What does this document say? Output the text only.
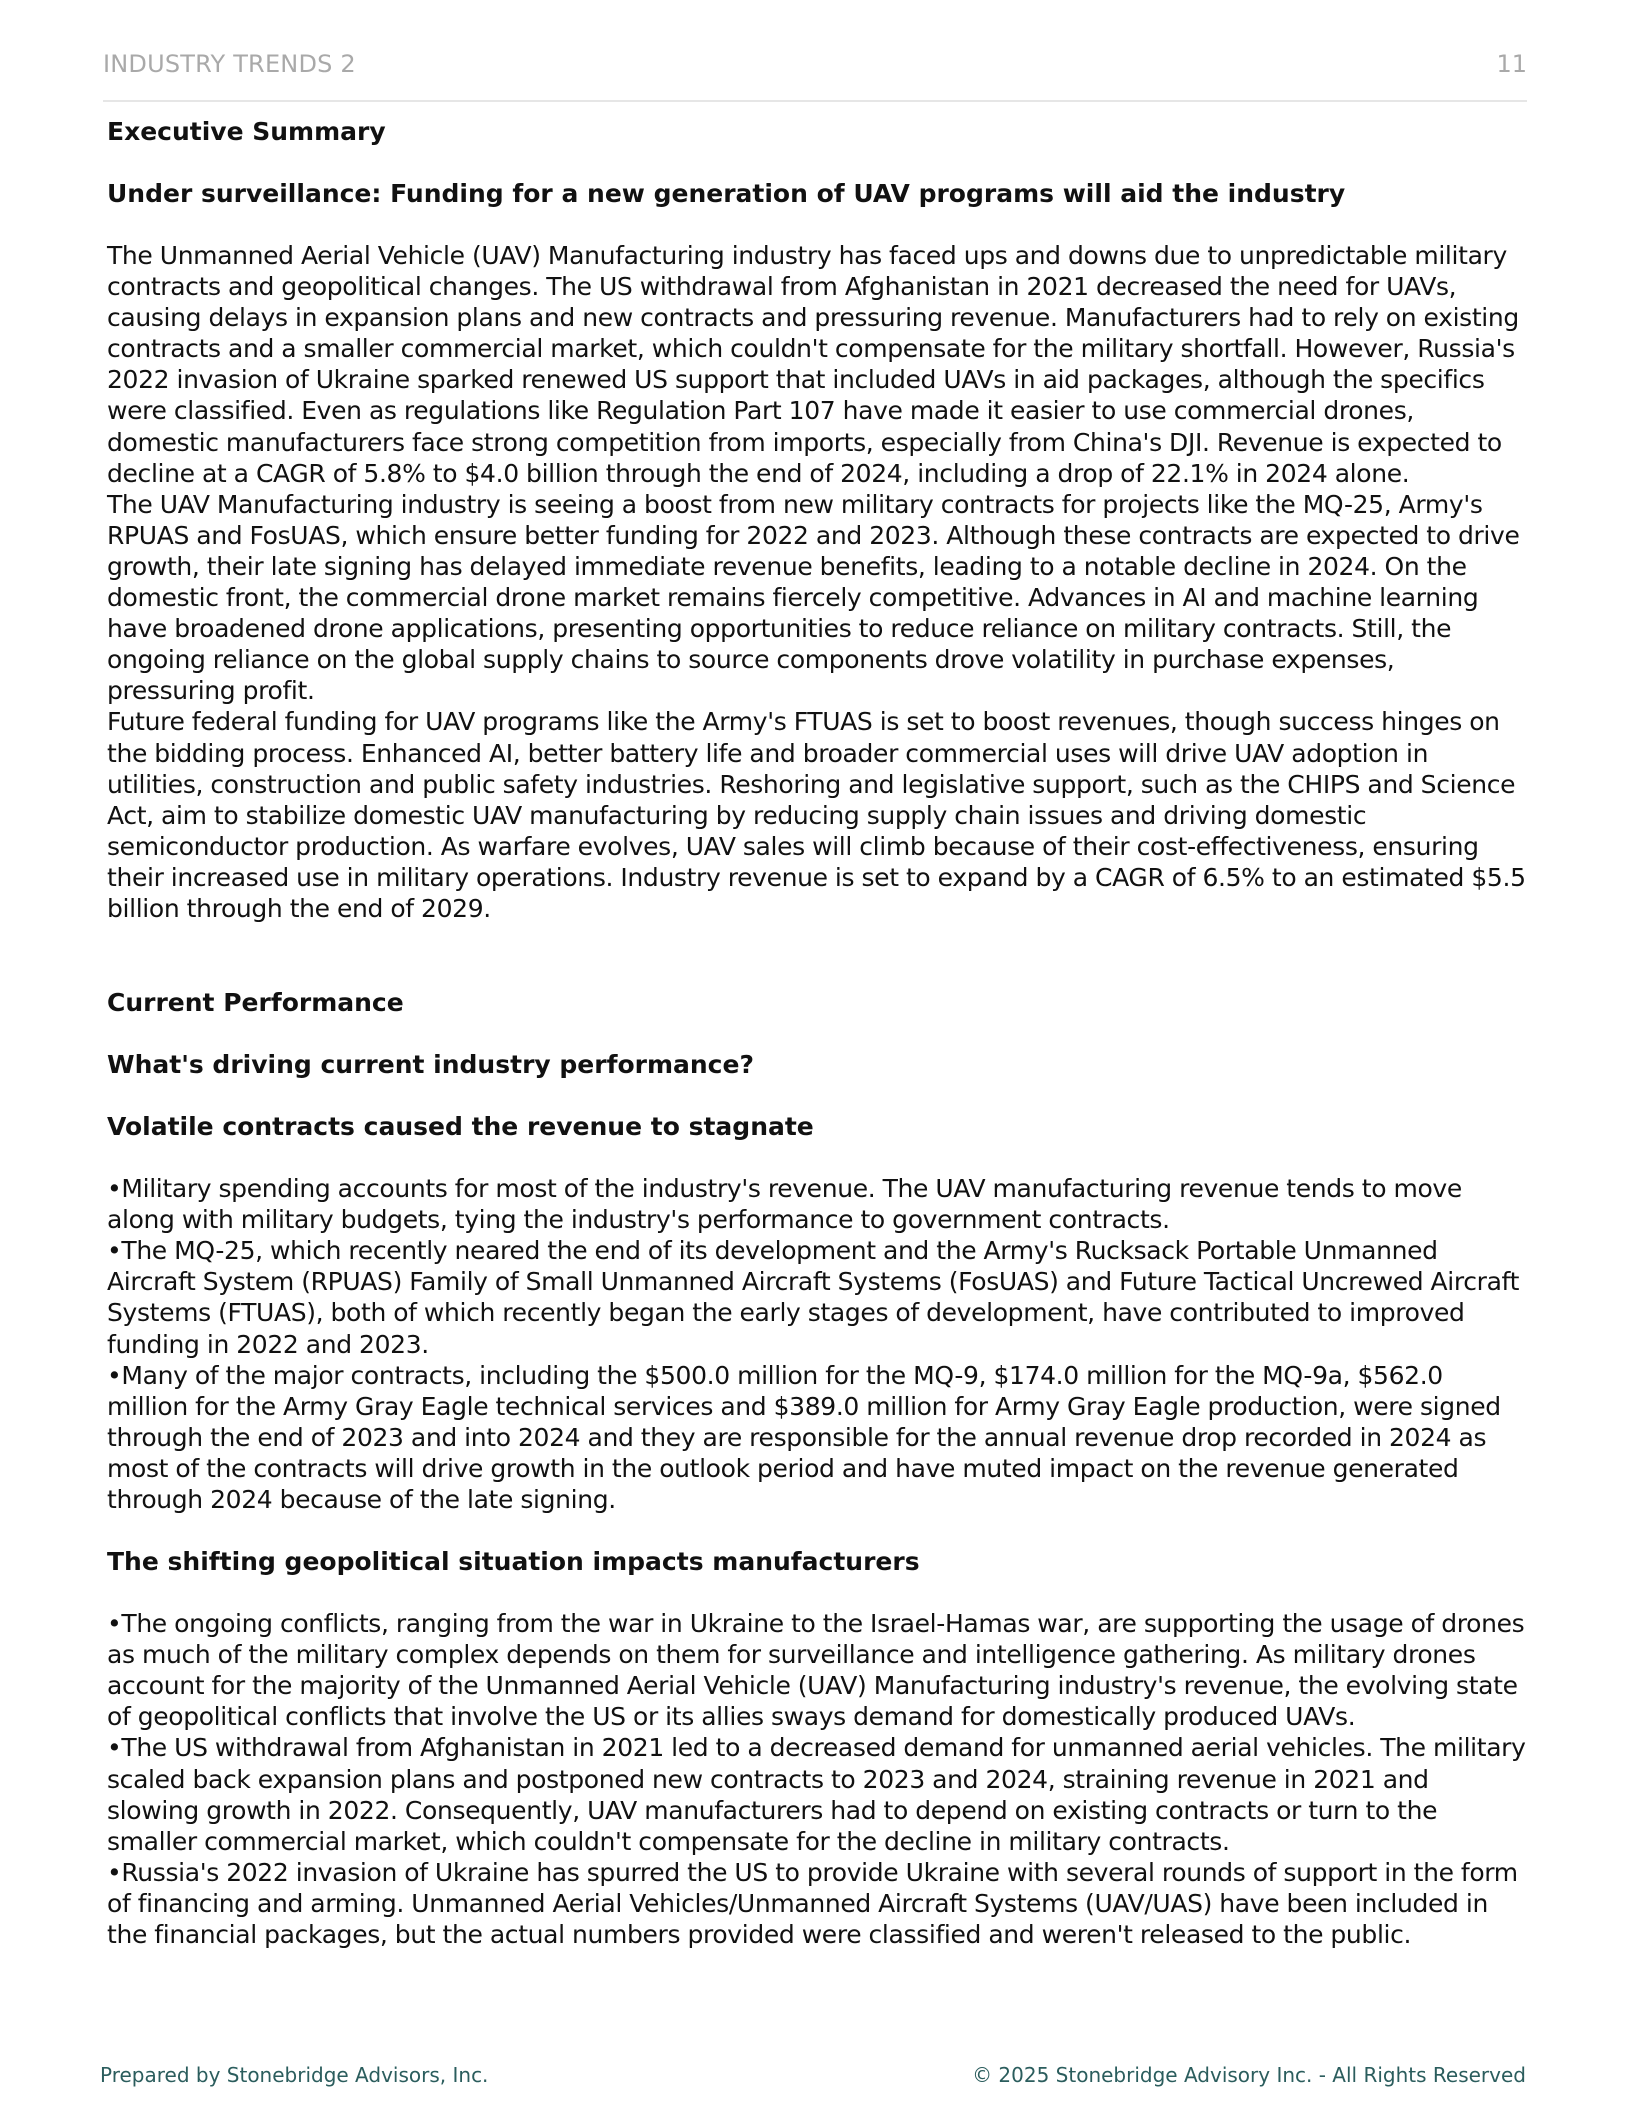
INDUSTRY TRENDS 2	11
Executive Summary
Under surveillance: Funding for a new generation of UAV programs will aid the industry

The Unmanned Aerial Vehicle (UAV) Manufacturing industry has faced ups and downs due to unpredictable military contracts and geopolitical changes. The US withdrawal from Afghanistan in 2021 decreased the need for UAVs, causing delays in expansion plans and new contracts and pressuring revenue. Manufacturers had to rely on existing contracts and a smaller commercial market, which couldn't compensate for the military shortfall. However, Russia's 2022 invasion of Ukraine sparked renewed US support that included UAVs in aid packages, although the specifics were classified. Even as regulations like Regulation Part 107 have made it easier to use commercial drones, domestic manufacturers face strong competition from imports, especially from China's DJI. Revenue is expected to decline at a CAGR of 5.8% to $4.0 billion through the end of 2024, including a drop of 22.1% in 2024 alone.

The UAV Manufacturing industry is seeing a boost from new military contracts for projects like the MQ-25, Army's RPUAS and FosUAS, which ensure better funding for 2022 and 2023. Although these contracts are expected to drive growth, their late signing has delayed immediate revenue benefits, leading to a notable decline in 2024. On the domestic front, the commercial drone market remains fiercely competitive. Advances in AI and machine learning have broadened drone applications, presenting opportunities to reduce reliance on military contracts. Still, the ongoing reliance on the global supply chains to source components drove volatility in purchase expenses, pressuring profit.

Future federal funding for UAV programs like the Army's FTUAS is set to boost revenues, though success hinges on the bidding process. Enhanced AI, better battery life and broader commercial uses will drive UAV adoption in utilities, construction and public safety industries. Reshoring and legislative support, such as the CHIPS and Science Act, aim to stabilize domestic UAV manufacturing by reducing supply chain issues and driving domestic semiconductor production. As warfare evolves, UAV sales will climb because of their cost-effectiveness, ensuring their increased use in military operations. Industry revenue is set to expand by a CAGR of 6.5% to an estimated $5.5 billion through the end of 2029.

Current Performance
What's driving current industry performance?
Volatile contracts caused the revenue to stagnate

•Military spending accounts for most of the industry's revenue. The UAV manufacturing revenue tends to move along with military budgets, tying the industry's performance to government contracts.

•The MQ-25, which recently neared the end of its development and the Army's Rucksack Portable Unmanned Aircraft System (RPUAS) Family of Small Unmanned Aircraft Systems (FosUAS) and Future Tactical Uncrewed Aircraft Systems (FTUAS), both of which recently began the early stages of development, have contributed to improved funding in 2022 and 2023.

•Many of the major contracts, including the $500.0 million for the MQ-9, $174.0 million for the MQ-9a, $562.0 million for the Army Gray Eagle technical services and $389.0 million for Army Gray Eagle production, were signed through the end of 2023 and into 2024 and they are responsible for the annual revenue drop recorded in 2024 as most of the contracts will drive growth in the outlook period and have muted impact on the revenue generated through 2024 because of the late signing.

The shifting geopolitical situation impacts manufacturers

•The ongoing conflicts, ranging from the war in Ukraine to the Israel-Hamas war, are supporting the usage of drones as much of the military complex depends on them for surveillance and intelligence gathering. As military drones account for the majority of the Unmanned Aerial Vehicle (UAV) Manufacturing industry's revenue, the evolving state of geopolitical conflicts that involve the US or its allies sways demand for domestically produced UAVs.

•The US withdrawal from Afghanistan in 2021 led to a decreased demand for unmanned aerial vehicles. The military scaled back expansion plans and postponed new contracts to 2023 and 2024, straining revenue in 2021 and slowing growth in 2022. Consequently, UAV manufacturers had to depend on existing contracts or turn to the smaller commercial market, which couldn't compensate for the decline in military contracts.

•Russia's 2022 invasion of Ukraine has spurred the US to provide Ukraine with several rounds of support in the form of financing and arming. Unmanned Aerial Vehicles/Unmanned Aircraft Systems (UAV/UAS) have been included in the financial packages, but the actual numbers provided were classified and weren't released to the public.

Prepared by Stonebridge Advisors, Inc.	© 2025 Stonebridge Advisory Inc. - All Rights Reserved
